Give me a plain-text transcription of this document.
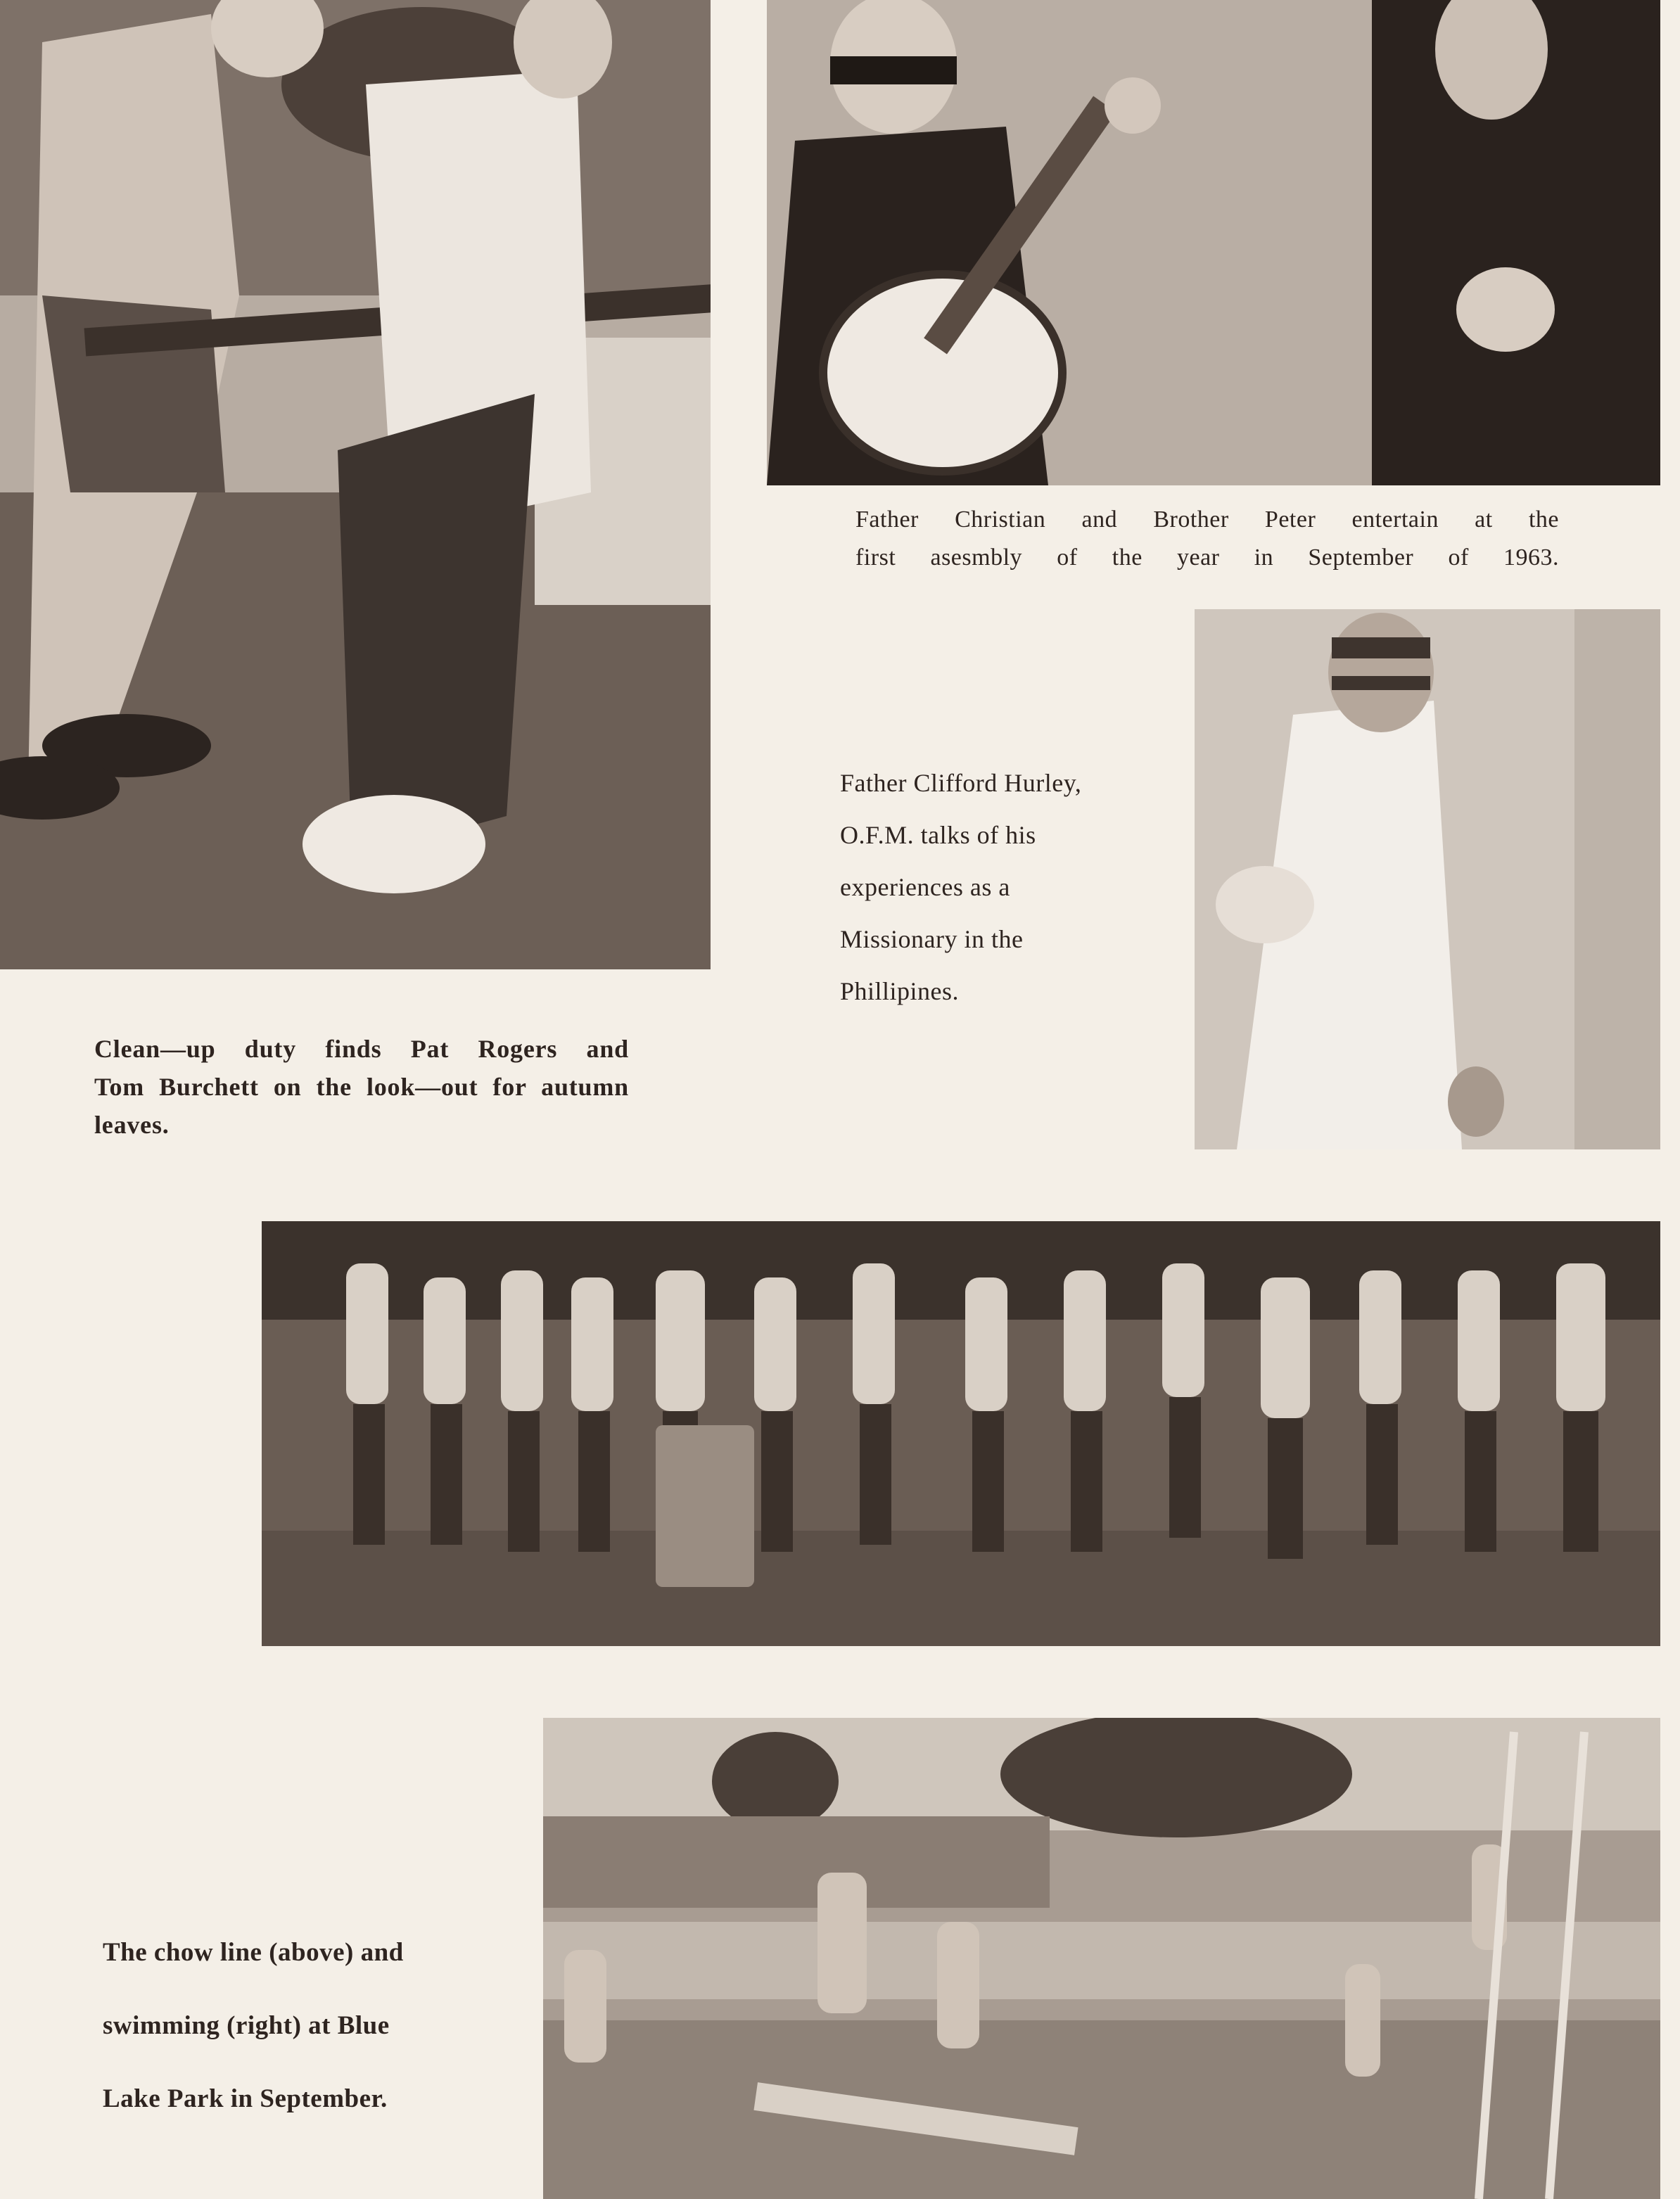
Father Christian and Brother Peter entertain at the

first asesmbly of the year in September of 1963.

Father Clifford Hurley,

O.F.M. talks of his

experiences as a

Missionary in the

Phillipines.

Clean—up duty finds Pat Rogers and

Tom Burchett on the look—out for autumn

leaves.

The chow line (above) and

swimming (right) at Blue

Lake Park in September.
